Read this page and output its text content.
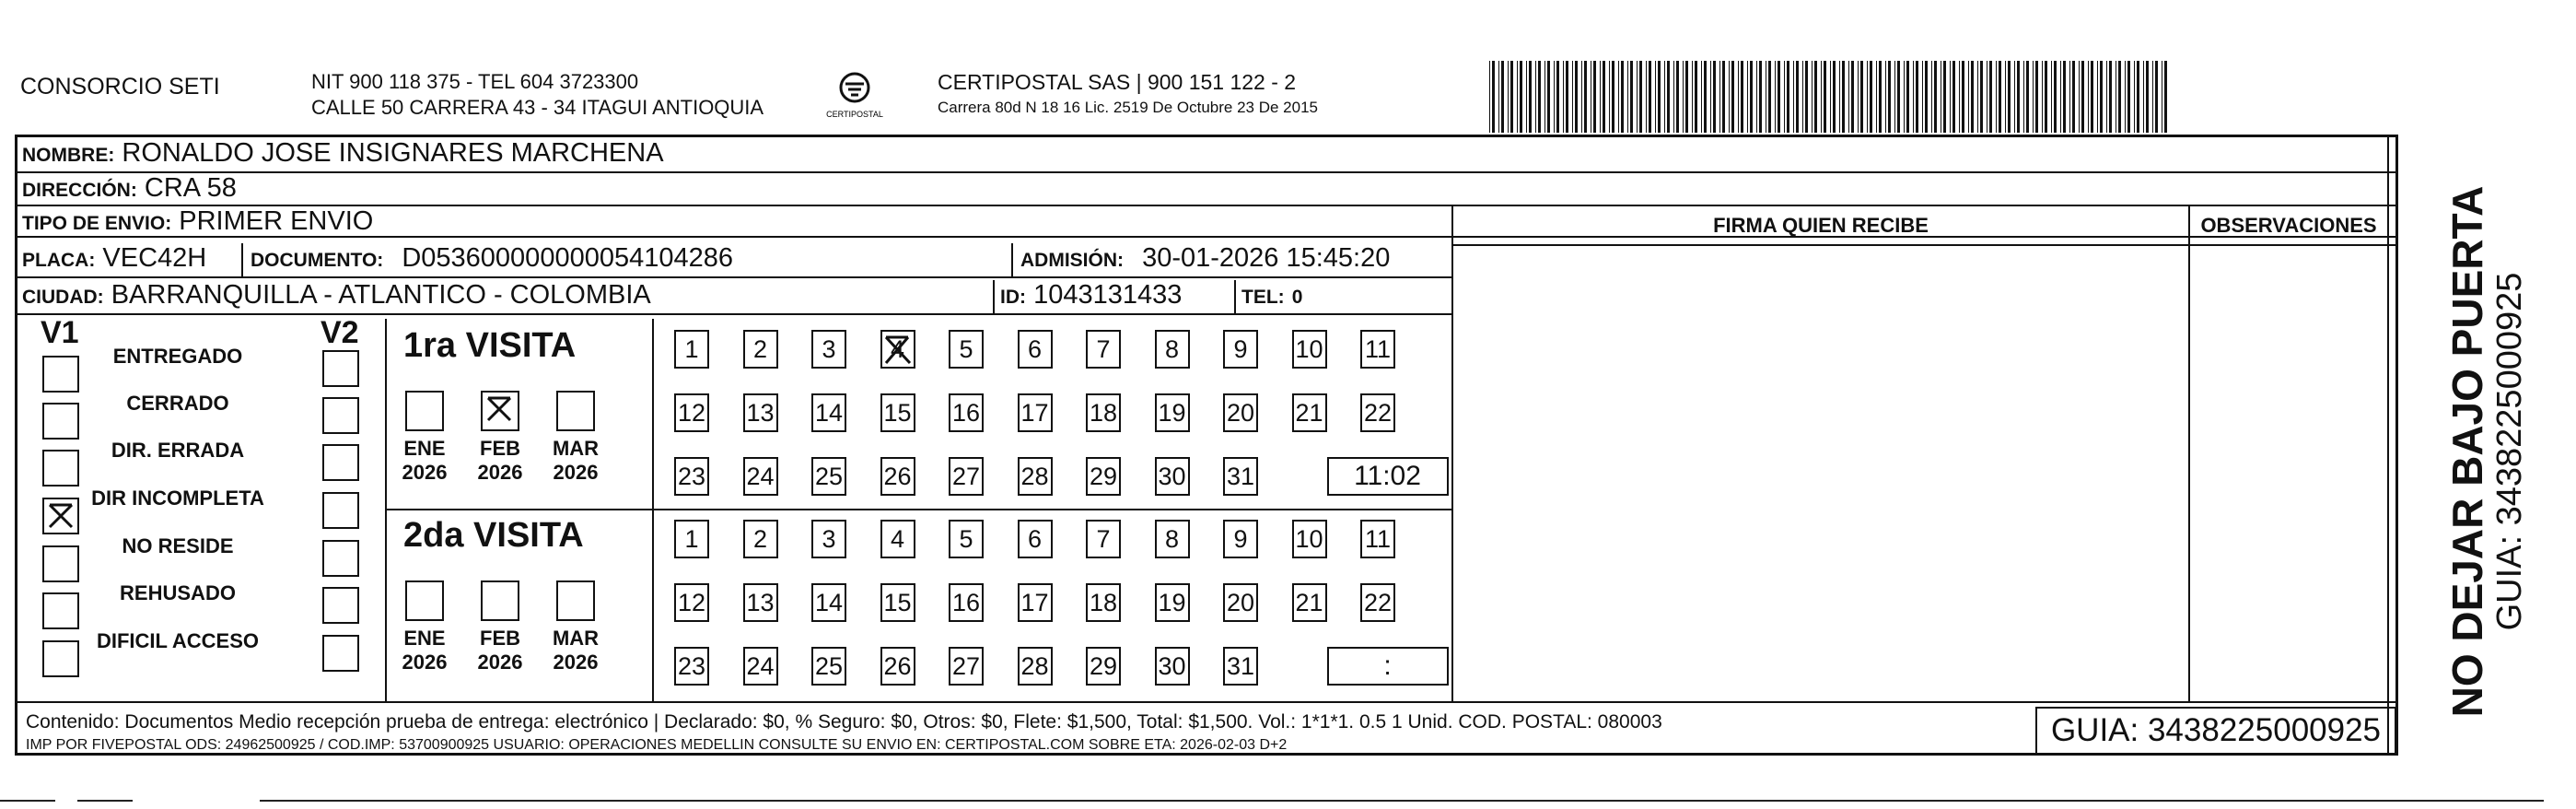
CONSORCIO SETI	NIT 900 118 375 - TEL 604 3723300
CALLE 50 CARRERA 43 - 34 ITAGUI ANTIOQUIA	CERTIPOSTAL
CERTIPOSTAL SAS | 900 151 122 - 2
Carrera 80d N 18 16 Lic. 2519 De Octubre 23 De 2015
NOMBRE: RONALDO JOSE INSIGNARES MARCHENA
DIRECCIÓN: CRA 58
TIPO DE ENVIO: PRIMER ENVIO
PLACA: VEC42H DOCUMENTO: D053600000000054104286	ADMISIÓN: 30-01-2026 15:45:20
CIUDAD: BARRANQUILLA - ATLANTICO - COLOMBIA	ID: 1043131433	TEL: 0
FIRMA QUIEN RECIBE	OBSERVACIONES
V1	V2
ENTREGADO
CERRADO
DIR. ERRADA
DIR INCOMPLETA
NO RESIDE
REHUSADO
DIFICIL ACCESO
1ra VISITA
ENE
2026
FEB
2026
MAR
2026
1	2	3	4	5	6	7	8	9	10 11
12 13 14 15 16 17 18 19 20 21 22
23 24 25 26 27 28 29 30 31	11:02
2da VISITA
ENE
2026
FEB
2026
MAR
2026
1	2	3	4	5	6	7	8	9	10 11
12 13 14 15 16 17 18 19 20 21 22
23 24 25 26 27 28 29 30 31	:
Contenido: Documentos Medio recepción prueba de entrega: electrónico | Declarado: $0, % Seguro: $0, Otros: $0, Flete: $1,500, Total: $1,500. Vol.: 1*1*1. 0.5 1 Unid. COD. POSTAL: 080003
IMP POR FIVEPOSTAL ODS: 24962500925 / COD.IMP: 53700900925 USUARIO: OPERACIONES MEDELLIN CONSULTE SU ENVIO EN: CERTIPOSTAL.COM SOBRE ETA: 2026-02-03 D+2	GUIA: 3438225000925
NO DEJAR BAJO PUERTA GUIA: 3438225000925
